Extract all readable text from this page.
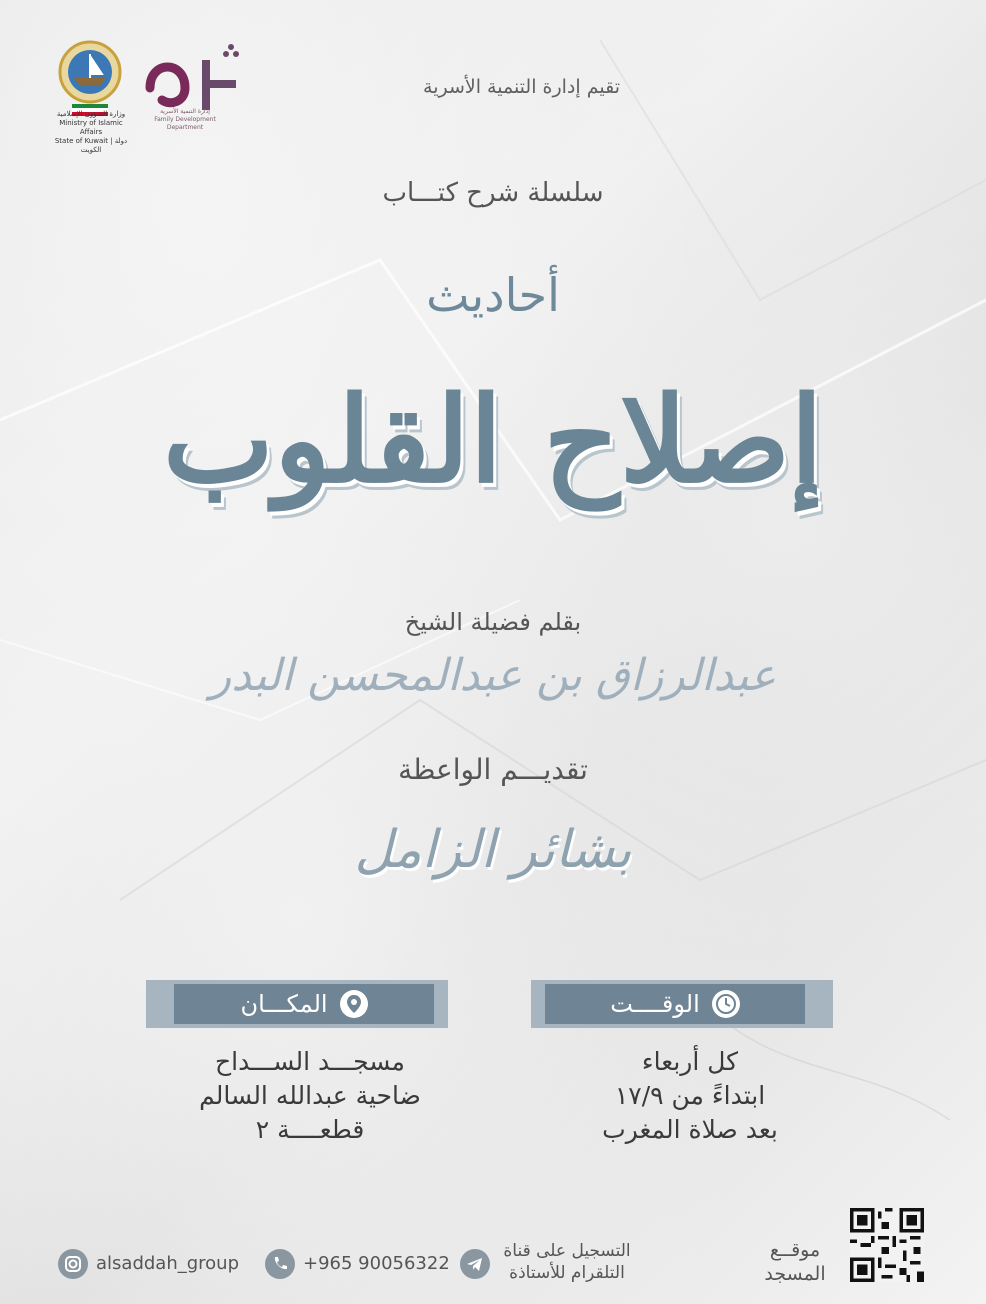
وزارة الشؤون الإسلامية
Ministry of Islamic Affairs
State of Kuwait | دولة الكويت
إدارة التنمية الأسرية
Family Development Department
تقيم إدارة التنمية الأسرية
سلسلة شرح كتـــاب
أحاديث
إصلاح القلوب
بقلم فضيلة الشيخ
عبدالرزاق بن عبدالمحسن البدر
تقديـــم الواعظة
بشائر الزامل
الوقــــت
المكـــان
كل أربعاء
ابتداءً من ١٧/٩
بعد صلاة المغرب
مسجـــد الســـداح
ضاحية عبدالله السالم
قطعــــة ٢
alsaddah_group	+965 90056322
التسجيل على قناة التلقرام للأستاذة
موقــع المسجد
